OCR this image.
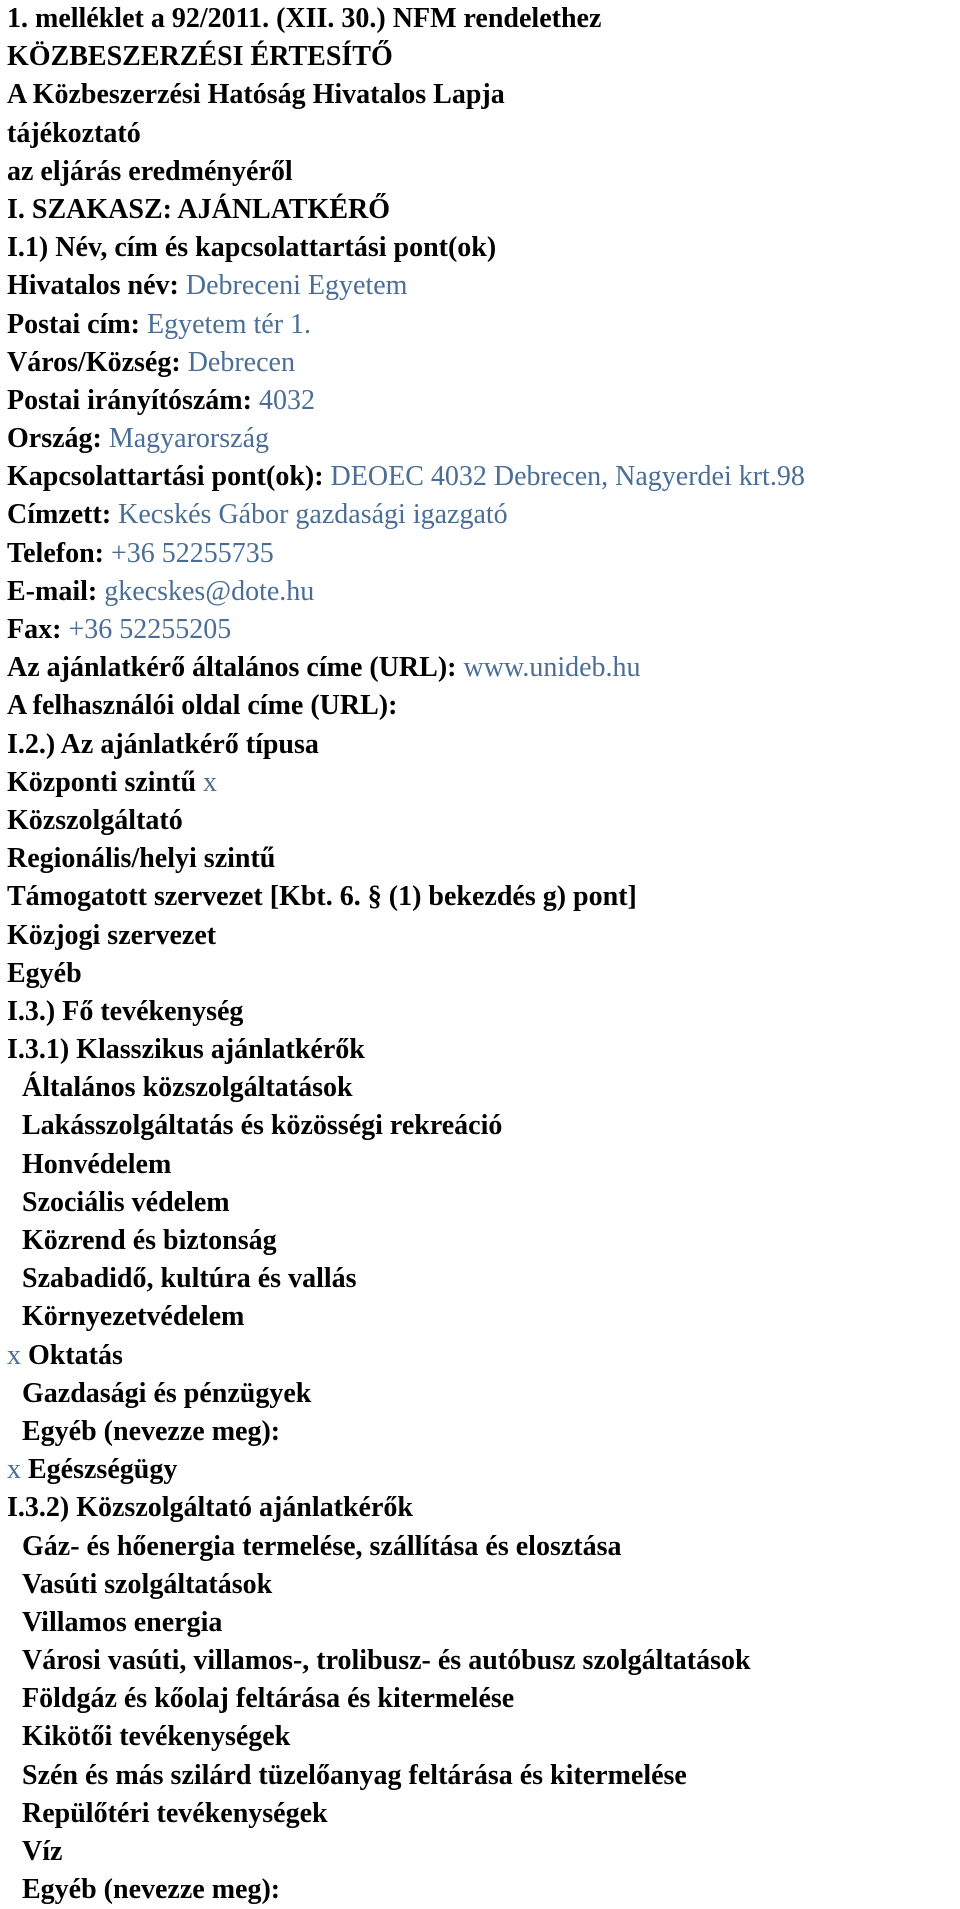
1. melléklet a 92/2011. (XII. 30.) NFM rendelethez
KÖZBESZERZÉSI ÉRTESÍTŐ
A Közbeszerzési Hatóság Hivatalos Lapja
tájékoztató
az eljárás eredményéről
I. SZAKASZ: AJÁNLATKÉRŐ
I.1) Név, cím és kapcsolattartási pont(ok)
Hivatalos név: Debreceni Egyetem
Postai cím: Egyetem tér 1.
Város/Község: Debrecen
Postai irányítószám: 4032
Ország: Magyarország
Kapcsolattartási pont(ok): DEOEC 4032 Debrecen, Nagyerdei krt.98
Címzett: Kecskés Gábor gazdasági igazgató
Telefon: +36 52255735
E-mail: gkecskes@dote.hu
Fax: +36 52255205
Az ajánlatkérő általános címe (URL): www.unideb.hu
A felhasználói oldal címe (URL):
I.2.) Az ajánlatkérő típusa
Központi szintű x
Közszolgáltató
Regionális/helyi szintű
Támogatott szervezet [Kbt. 6. § (1) bekezdés g) pont]
Közjogi szervezet
Egyéb
I.3.) Fő tevékenység
I.3.1) Klasszikus ajánlatkérők
Általános közszolgáltatások
Lakásszolgáltatás és közösségi rekreáció
Honvédelem
Szociális védelem
Közrend és biztonság
Szabadidő, kultúra és vallás
Környezetvédelem
x Oktatás
Gazdasági és pénzügyek
Egyéb (nevezze meg):
x Egészségügy
I.3.2) Közszolgáltató ajánlatkérők
Gáz- és hőenergia termelése, szállítása és elosztása
Vasúti szolgáltatások
Villamos energia
Városi vasúti, villamos-, trolibusz- és autóbusz szolgáltatások
Földgáz és kőolaj feltárása és kitermelése
Kikötői tevékenységek
Szén és más szilárd tüzelőanyag feltárása és kitermelése
Repülőtéri tevékenységek
Víz
Egyéb (nevezze meg):
